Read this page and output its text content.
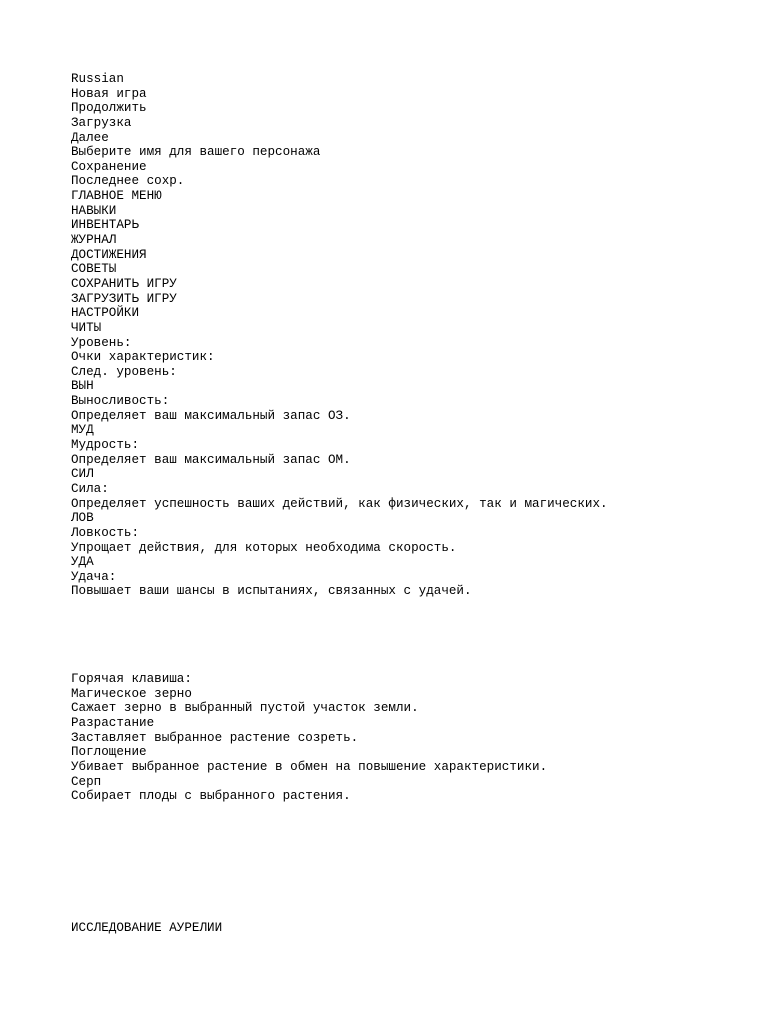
Russian
Новая игра
Продолжить
Загрузка
Далее
Выберите имя для вашего персонажа
Сохранение
Последнее сохр.
ГЛАВНОЕ МЕНЮ
НАВЫКИ
ИНВЕНТАРЬ
ЖУРНАЛ
ДОСТИЖЕНИЯ
СОВЕТЫ
СОХРАНИТЬ ИГРУ
ЗАГРУЗИТЬ ИГРУ
НАСТРОЙКИ
ЧИТЫ
Уровень:
Очки характеристик:
След. уровень:
ВЫН
Выносливость:
Определяет ваш максимальный запас ОЗ.
МУД
Мудрость:
Определяет ваш максимальный запас ОМ.
СИЛ
Сила:
Определяет успешность ваших действий, как физических, так и магических.
ЛОВ
Ловкость:
Упрощает действия, для которых необходима скорость.
УДА
Удача:
Повышает ваши шансы в испытаниях, связанных с удачей.
Горячая клавиша:
Магическое зерно
Сажает зерно в выбранный пустой участок земли.
Разрастание
Заставляет выбранное растение созреть.
Поглощение
Убивает выбранное растение в обмен на повышение характеристики.
Серп
Собирает плоды с выбранного растения.
ИССЛЕДОВАНИЕ АУРЕЛИИ
